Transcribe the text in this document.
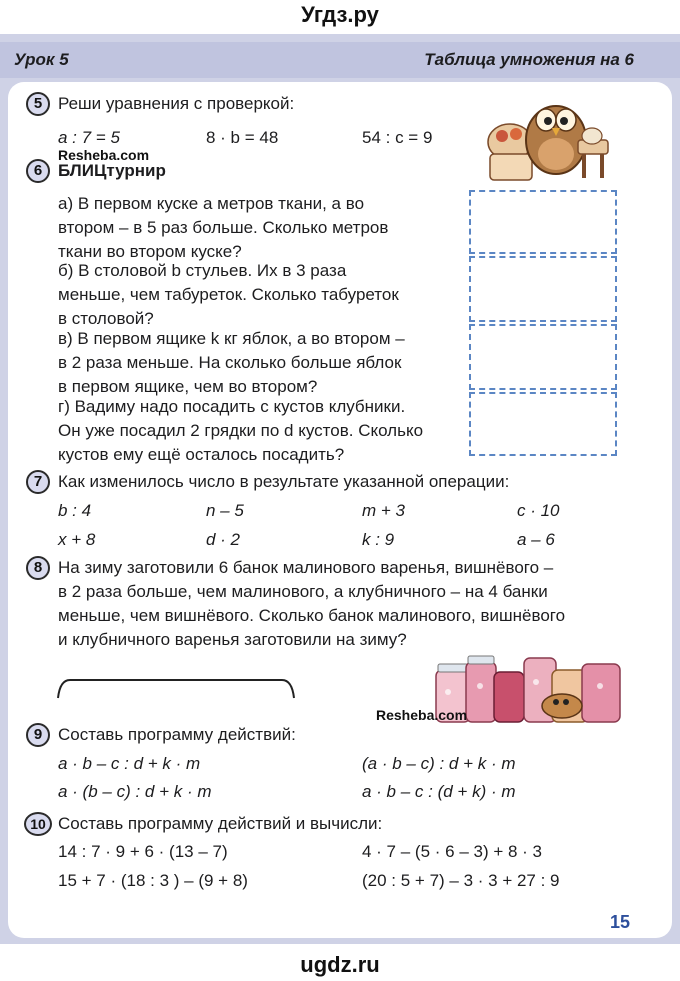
Угдз.ру
Урок 5	Таблица умножения на 6
5 Реши уравнения с проверкой:
a : 7 = 5	8 · b = 48	54 : c = 9
Resheba.com
6 БЛИЦтурнир
а) В первом куске a метров ткани, а во
втором – в 5 раз больше. Сколько метров
ткани во втором куске?
б) В столовой b стульев. Их в 3 раза
меньше, чем табуреток. Сколько табуреток
в столовой?
в) В первом ящике k кг яблок, а во втором –
в 2 раза меньше. На сколько больше яблок
в первом ящике, чем во втором?
г) Вадиму надо посадить c кустов клубники.
Он уже посадил 2 грядки по d кустов. Сколько
кустов ему ещё осталось посадить?
7 Как изменилось число в результате указанной операции:
b : 4	n – 5	m + 3	c · 10
x + 8	d · 2	k : 9	a – 6
8 На зиму заготовили 6 банок малинового варенья, вишнёвого –
в 2 раза больше, чем малинового, а клубничного – на 4 банки
меньше, чем вишнёвого. Сколько банок малинового, вишнёвого
и клубничного варенья заготовили на зиму?
Resheba.com
9 Составь программу действий:
a · b – c : d + k · m	(a · b – c) : d + k · m
a · (b – c) : d + k · m	a · b – c : (d + k) · m
10 Составь программу действий и вычисли:
14 : 7 · 9 + 6 · (13 – 7)	4 · 7 – (5 · 6 – 3) + 8 · 3
15 + 7 · (18 : 3 ) – (9 + 8)	(20 : 5 + 7) – 3 · 3 + 27 : 9
15
ugdz.ru
